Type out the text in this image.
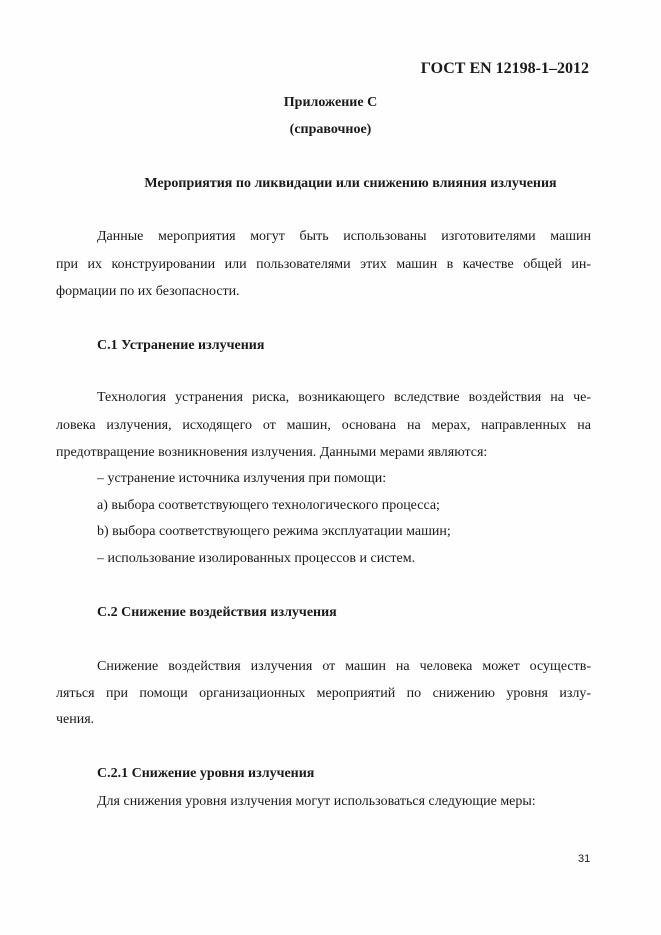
ГОСТ EN 12198-1–2012
Приложение С
(справочное)
Мероприятия по ликвидации или снижению влияния излучения
Данные мероприятия могут быть использованы изготовителями машин
при их конструировании или пользователями этих машин в качестве общей ин-
формации по их безопасности.
С.1 Устранение излучения
Технология устранения риска, возникающего вследствие воздействия на че-
ловека излучения, исходящего от машин, основана на мерах, направленных на
предотвращение возникновения излучения. Данными мерами являются:
– устранение источника излучения при помощи:
a) выбора соответствующего технологического процесса;
b) выбора соответствующего режима эксплуатации машин;
– использование изолированных процессов и систем.
С.2 Снижение воздействия излучения
Снижение воздействия излучения от машин на человека может осуществ-
ляться при помощи организационных мероприятий по снижению уровня излу-
чения.
С.2.1 Снижение уровня излучения
Для снижения уровня излучения могут использоваться следующие меры:
31
